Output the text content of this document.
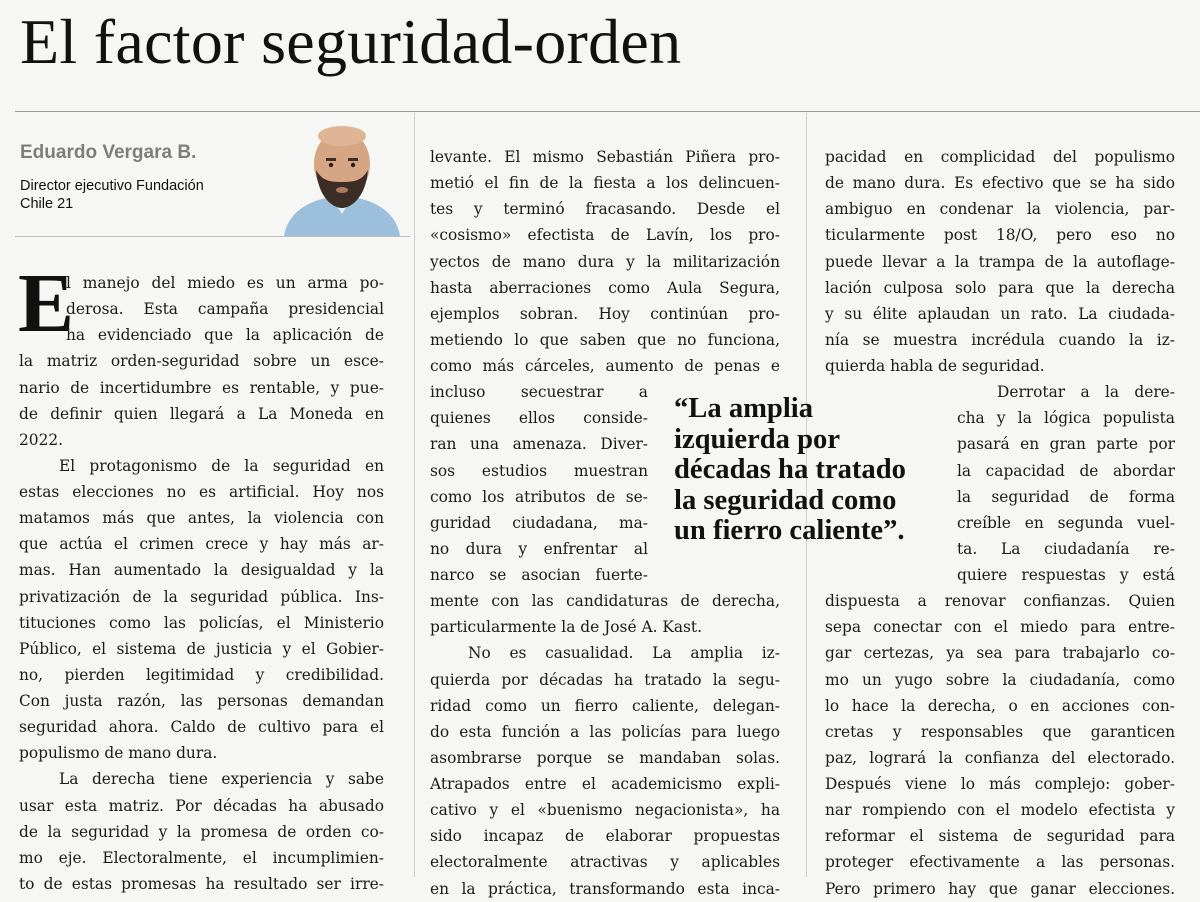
El factor seguridad-orden
Eduardo Vergara B.
Director ejecutivo Fundación
Chile 21
E
l manejo del miedo es un arma po-
derosa. Esta campaña presidencial
ha evidenciado que la aplicación de
la matriz orden-seguridad sobre un esce-
nario de incertidumbre es rentable, y pue-
de definir quien llegará a La Moneda en
2022.
El protagonismo de la seguridad en
estas elecciones no es artificial. Hoy nos
matamos más que antes, la violencia con
que actúa el crimen crece y hay más ar-
mas. Han aumentado la desigualdad y la
privatización de la seguridad pública. Ins-
tituciones como las policías, el Ministerio
Público, el sistema de justicia y el Gobier-
no, pierden legitimidad y credibilidad.
Con justa razón, las personas demandan
seguridad ahora. Caldo de cultivo para el
populismo de mano dura.
La derecha tiene experiencia y sabe
usar esta matriz. Por décadas ha abusado
de la seguridad y la promesa de orden co-
mo eje. Electoralmente, el incumplimien-
to de estas promesas ha resultado ser irre-
levante. El mismo Sebastián Piñera pro-
metió el fin de la fiesta a los delincuen-
tes y terminó fracasando. Desde el
«cosismo» efectista de Lavín, los pro-
yectos de mano dura y la militarización
hasta aberraciones como Aula Segura,
ejemplos sobran. Hoy continúan pro-
metiendo lo que saben que no funciona,
como más cárceles, aumento de penas e
incluso secuestrar a
quienes ellos conside-
ran una amenaza. Diver-
sos estudios muestran
como los atributos de se-
guridad ciudadana, ma-
no dura y enfrentar al
narco se asocian fuerte-
mente con las candidaturas de derecha,
particularmente la de José A. Kast.
No es casualidad. La amplia iz-
quierda por décadas ha tratado la segu-
ridad como un fierro caliente, delegan-
do esta función a las policías para luego
asombrarse porque se mandaban solas.
Atrapados entre el academicismo expli-
cativo y el «buenismo negacionista», ha
sido incapaz de elaborar propuestas
electoralmente atractivas y aplicables
en la práctica, transformando esta inca-
“La amplia
izquierda por
décadas ha tratado
la seguridad como
un fierro caliente”.
pacidad en complicidad del populismo
de mano dura. Es efectivo que se ha sido
ambiguo en condenar la violencia, par-
ticularmente post 18/O, pero eso no
puede llevar a la trampa de la autoflage-
lación culposa solo para que la derecha
y su élite aplaudan un rato. La ciudada-
nía se muestra incrédula cuando la iz-
quierda habla de seguridad.
Derrotar a la dere-
cha y la lógica populista
pasará en gran parte por
la capacidad de abordar
la seguridad de forma
creíble en segunda vuel-
ta. La ciudadanía re-
quiere respuestas y está
dispuesta a renovar confianzas. Quien
sepa conectar con el miedo para entre-
gar certezas, ya sea para trabajarlo co-
mo un yugo sobre la ciudadanía, como
lo hace la derecha, o en acciones con-
cretas y responsables que garanticen
paz, logrará la confianza del electorado.
Después viene lo más complejo: gober-
nar rompiendo con el modelo efectista y
reformar el sistema de seguridad para
proteger efectivamente a las personas.
Pero primero hay que ganar elecciones.
